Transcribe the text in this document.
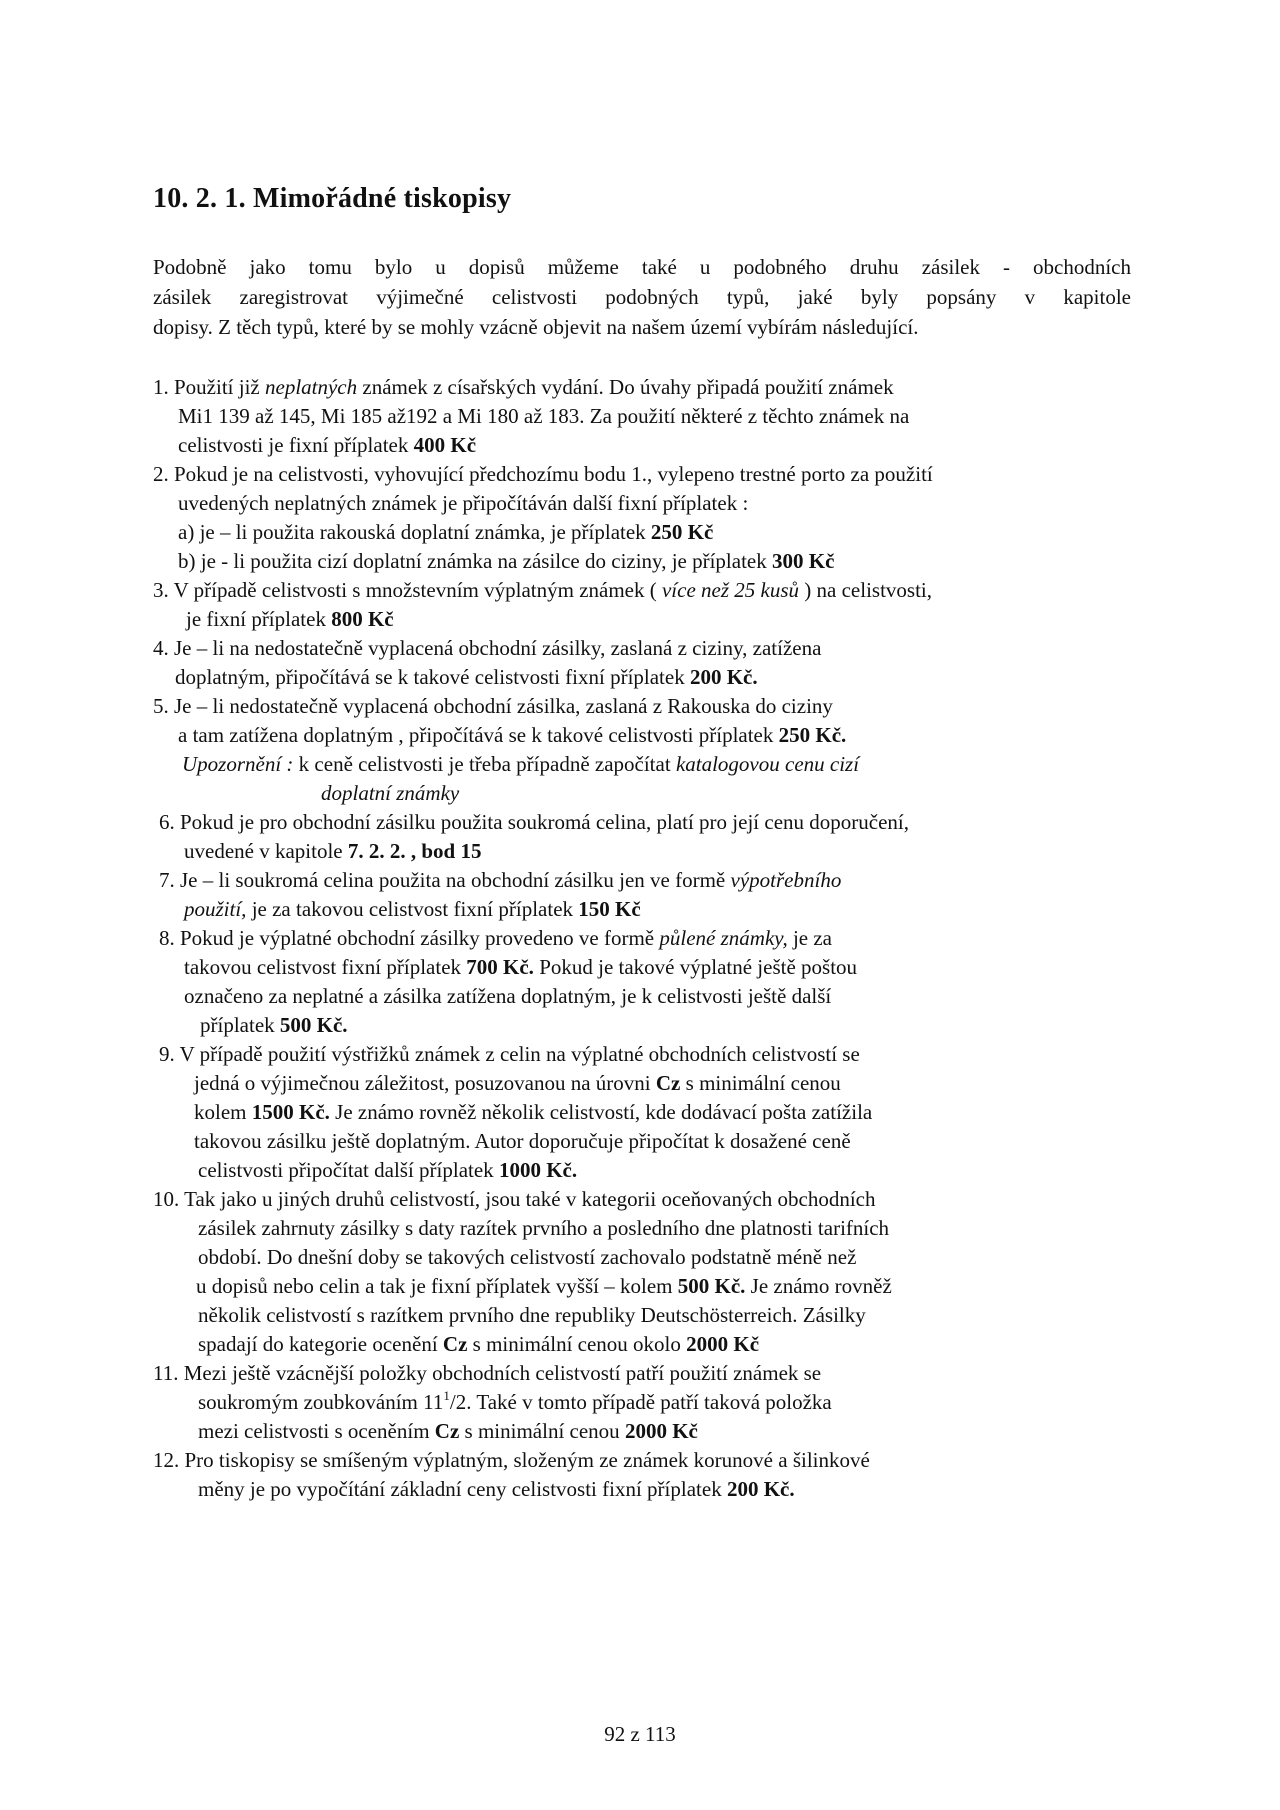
10. 2. 1. Mimořádné tiskopisy
Podobně jako tomu bylo u dopisů můžeme také u podobného druhu zásilek - obchodních
zásilek zaregistrovat výjimečné celistvosti podobných typů, jaké byly popsány v kapitole
dopisy. Z těch typů, které by se mohly vzácně objevit na našem území vybírám následující.
1. Použití již neplatných známek z císařských vydání. Do úvahy připadá použití známek
Mi1 139 až 145, Mi 185 až192 a Mi 180 až 183. Za použití některé z těchto známek na
celistvosti je fixní příplatek 400 Kč
2. Pokud je na celistvosti, vyhovující předchozímu bodu 1., vylepeno trestné porto za použití
uvedených neplatných známek je připočítáván další fixní příplatek :
a) je – li použita rakouská doplatní známka, je příplatek 250 Kč
b) je - li použita cizí doplatní známka na zásilce do ciziny, je příplatek 300 Kč
3. V případě celistvosti s množstevním výplatným známek ( více než 25 kusů ) na celistvosti,
je fixní příplatek 800 Kč
4. Je – li na nedostatečně vyplacená obchodní zásilky, zaslaná z ciziny, zatížena
doplatným, připočítává se k takové celistvosti fixní příplatek 200 Kč.
5. Je – li nedostatečně vyplacená obchodní zásilka, zaslaná z Rakouska do ciziny
a tam zatížena doplatným , připočítává se k takové celistvosti příplatek 250 Kč.
Upozornění : k ceně celistvosti je třeba případně započítat katalogovou cenu cizí
doplatní známky
6. Pokud je pro obchodní zásilku použita soukromá celina, platí pro její cenu doporučení,
uvedené v kapitole 7. 2. 2. , bod 15
7. Je – li soukromá celina použita na obchodní zásilku jen ve formě výpotřebního
použití, je za takovou celistvost fixní příplatek 150 Kč
8. Pokud je výplatné obchodní zásilky provedeno ve formě půlené známky, je za
takovou celistvost fixní příplatek 700 Kč. Pokud je takové výplatné ještě poštou
označeno za neplatné a zásilka zatížena doplatným, je k celistvosti ještě další
příplatek 500 Kč.
9. V případě použití výstřižků známek z celin na výplatné obchodních celistvostí se
jedná o výjimečnou záležitost, posuzovanou na úrovni Cz s minimální cenou
kolem 1500 Kč. Je známo rovněž několik celistvostí, kde dodávací pošta zatížila
takovou zásilku ještě doplatným. Autor doporučuje připočítat k dosažené ceně
celistvosti připočítat další příplatek 1000 Kč.
10. Tak jako u jiných druhů celistvostí, jsou také v kategorii oceňovaných obchodních
zásilek zahrnuty zásilky s daty razítek prvního a posledního dne platnosti tarifních
období. Do dnešní doby se takových celistvostí zachovalo podstatně méně než
u dopisů nebo celin a tak je fixní příplatek vyšší – kolem 500 Kč. Je známo rovněž
několik celistvostí s razítkem prvního dne republiky Deutschösterreich. Zásilky
spadají do kategorie ocenění Cz s minimální cenou okolo 2000 Kč
11. Mezi ještě vzácnější položky obchodních celistvostí patří použití známek se
soukromým zoubkováním $11^1/2$. Také v tomto případě patří taková položka
mezi celistvosti s oceněním Cz s minimální cenou 2000 Kč
12. Pro tiskopisy se smíšeným výplatným, složeným ze známek korunové a šilinkové
měny je po vypočítání základní ceny celistvosti fixní příplatek 200 Kč.
92 z 113
